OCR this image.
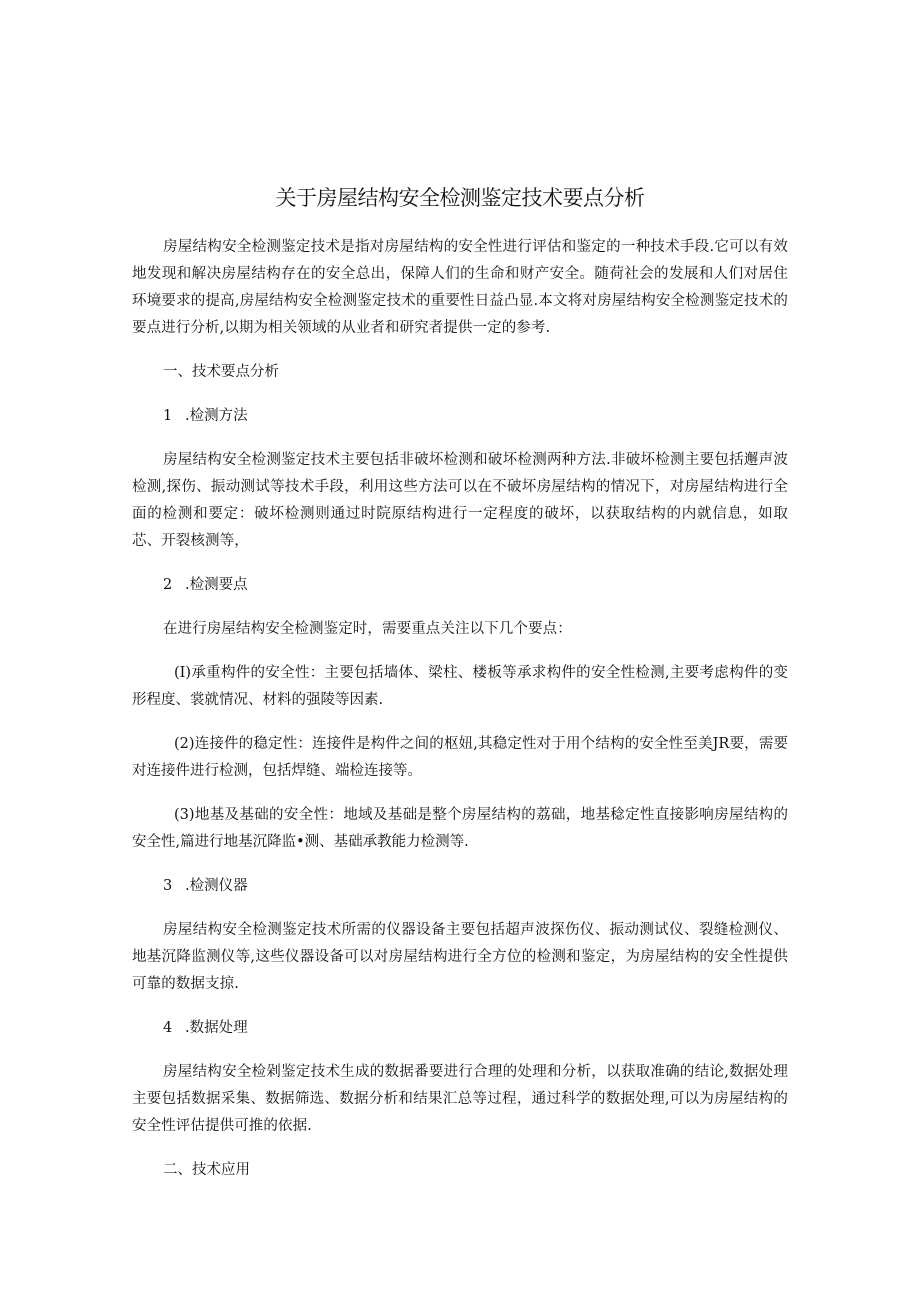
关于房屋结构安全检测鉴定技术要点分析

房屋结构安全检测鉴定技术是指对房屋结构的安全性进行评估和鉴定的一种技术手段.它可以有效地发现和解决房屋结构存在的安全总出，保障人们的生命和财产安全。随荷社会的发展和人们对居住环境要求的提高,房屋结构安全检测鉴定技术的重要性日益凸显.本文将对房屋结构安全检测鉴定技术的要点进行分析,以期为相关领域的从业者和研究者提供一定的参考.

一、技术要点分析

1 .检测方法

房屋结构安全检测鉴定技术主要包括非破坏检测和破坏检测两种方法.非破坏检测主要包括邂声波检测,探伤、振动测试等技术手段，利用这些方法可以在不破坏房屋结构的情况下，对房屋结构进行全面的检测和要定：破坏检测则通过时院原结构进行一定程度的破坏，以获取结构的内就信息，如取芯、开裂核测等，

2 .检测要点

在进行房屋结构安全检测鉴定时，需要重点关注以下几个要点：

(I)承重构件的安全性：主要包括墙体、梁柱、楼板等承求构件的安全性检测,主要考虑构件的变形程度、裳就情况、材料的强陵等因素.

(2)连接件的稳定性：连接件是构件之间的枢妞,其稳定性对于用个结构的安全性至美JR要，需要对连接件进行检测，包括焊缝、端检连接等。

(3)地基及基础的安全性：地域及基础是整个房屋结构的荔础，地基稔定性直接影响房屋结构的安全性,篇进行地基沉降监•测、基础承教能力检测等.

3 .检测仪器

房屋结构安全检测鉴定技术所需的仪器设备主要包括超声波探伤仪、振动测试仪、裂缝检测仪、地基沉降监测仪等,这些仪器设备可以对房屋结构进行全方位的检测和鉴定，为房屋结构的安全性提供可靠的数据支掠.

4 .数据处理

房屋结构安全检剁鉴定技术生成的数据番要进行合理的处理和分析，以获取准确的结论,数据处理主要包括数据采集、数据筛选、数据分析和结果汇总等过程，通过科学的数据处理,可以为房屋结构的安全性评估提供可推的依据.

二、技术应用
